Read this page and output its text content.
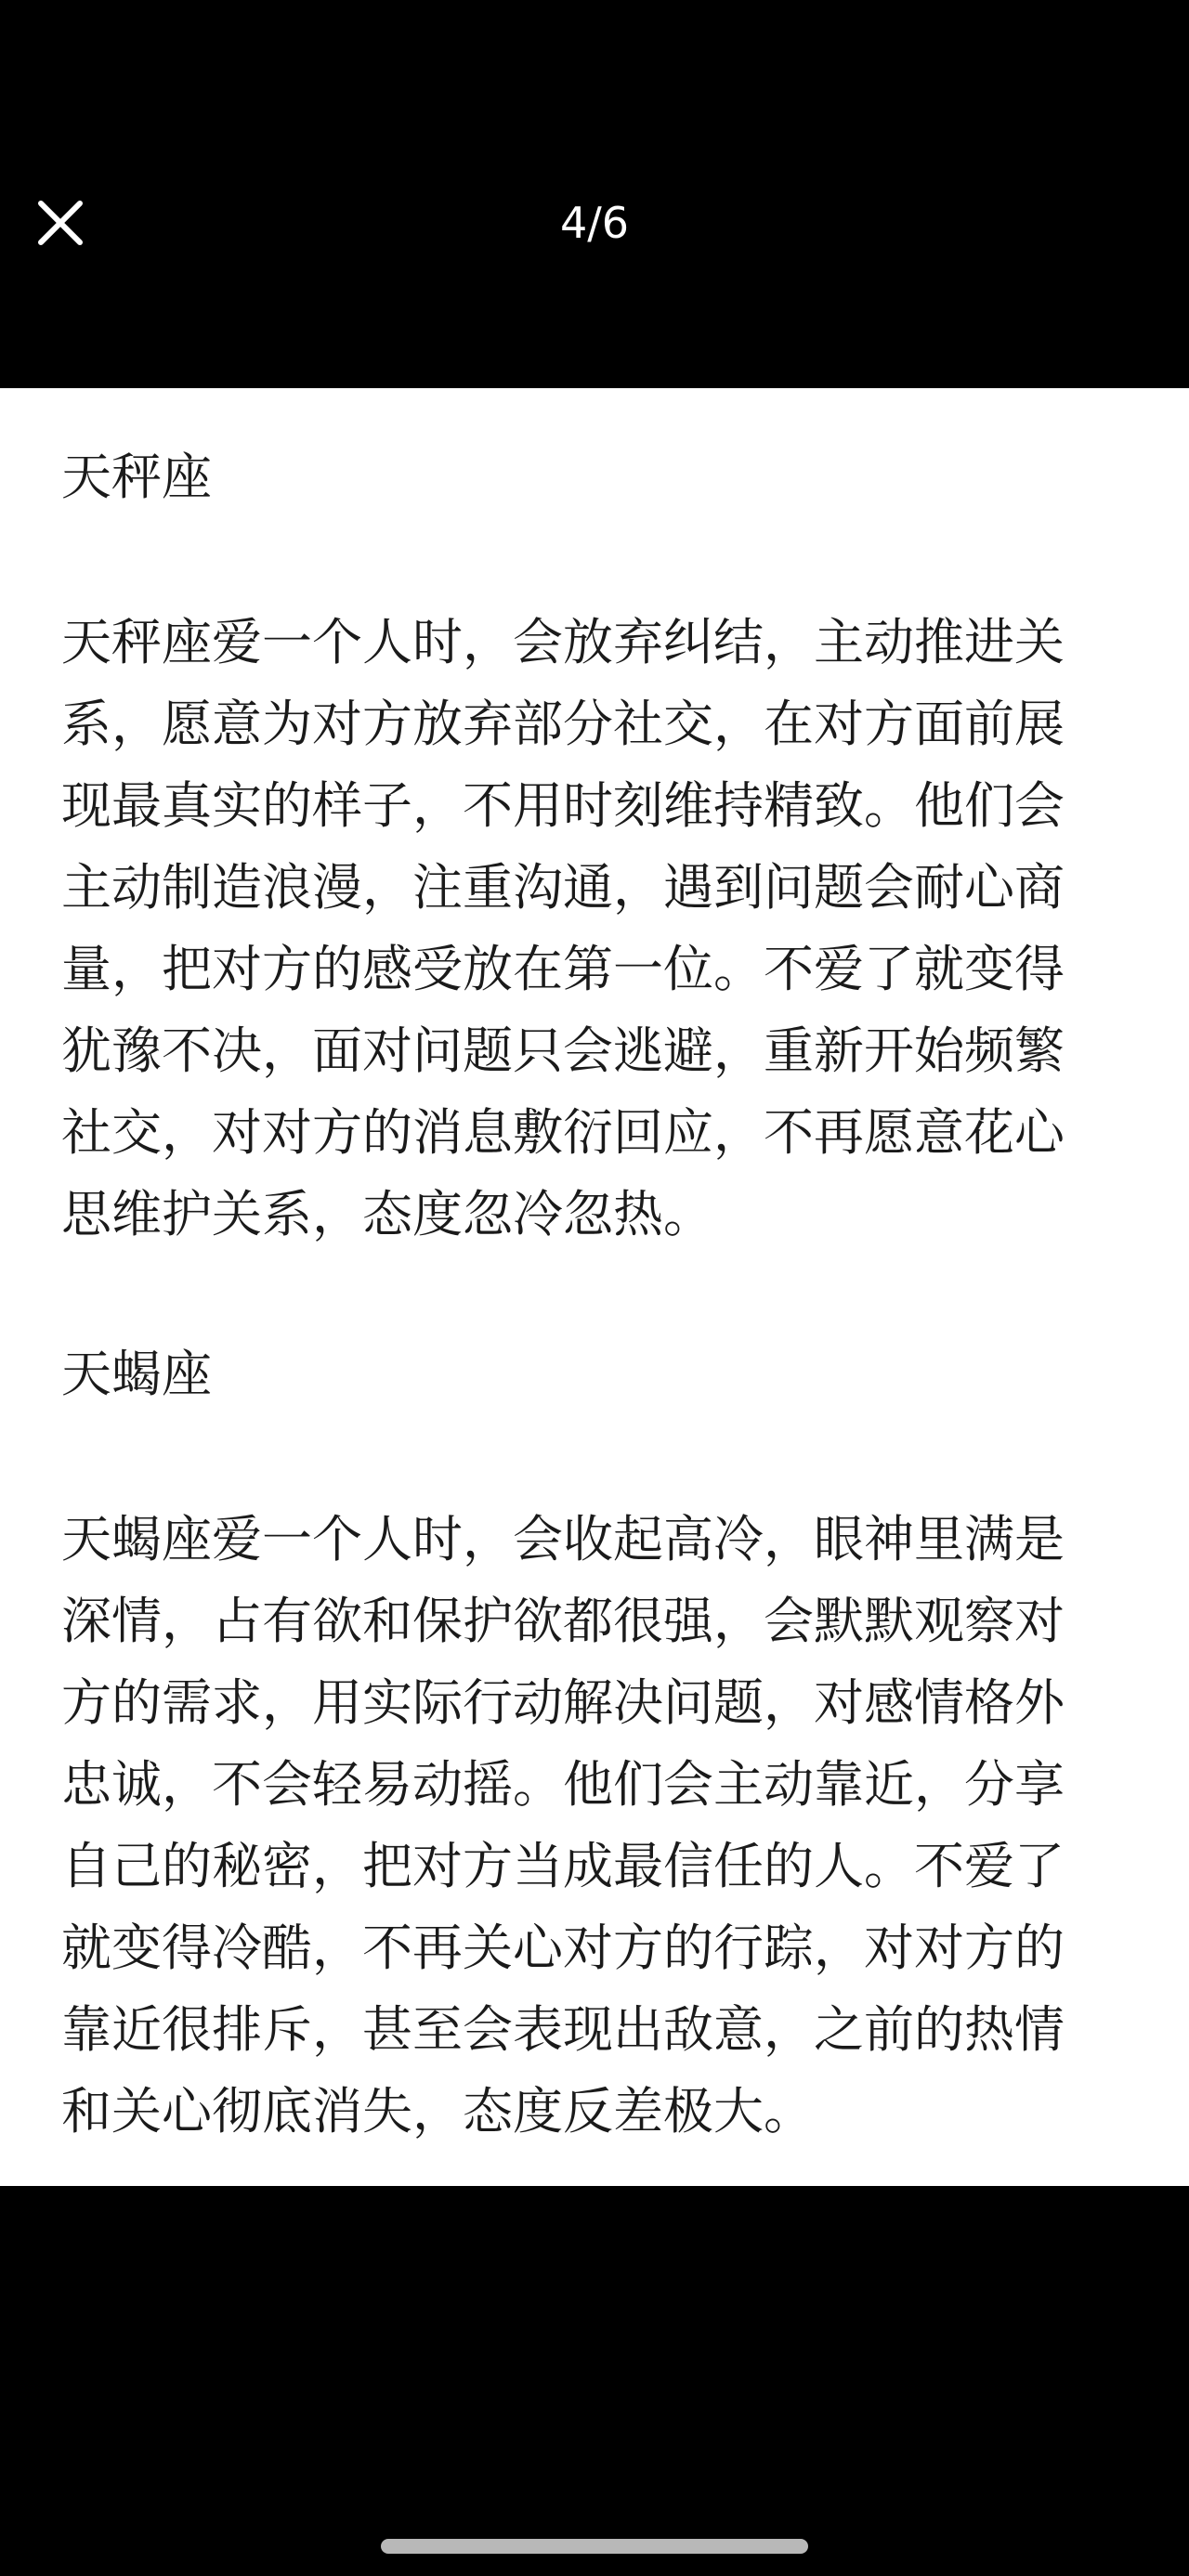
4/6
天秤座
天秤座爱一个人时，会放弃纠结，主动推进关
系，愿意为对方放弃部分社交，在对方面前展
现最真实的样子，不用时刻维持精致。他们会
主动制造浪漫，注重沟通，遇到问题会耐心商
量，把对方的感受放在第一位。不爱了就变得
犹豫不决，面对问题只会逃避，重新开始频繁
社交，对对方的消息敷衍回应，不再愿意花心
思维护关系，态度忽冷忽热。
天蝎座
天蝎座爱一个人时，会收起高冷，眼神里满是
深情，占有欲和保护欲都很强，会默默观察对
方的需求，用实际行动解决问题，对感情格外
忠诚，不会轻易动摇。他们会主动靠近，分享
自己的秘密，把对方当成最信任的人。不爱了
就变得冷酷，不再关心对方的行踪，对对方的
靠近很排斥，甚至会表现出敌意，之前的热情
和关心彻底消失，态度反差极大。
